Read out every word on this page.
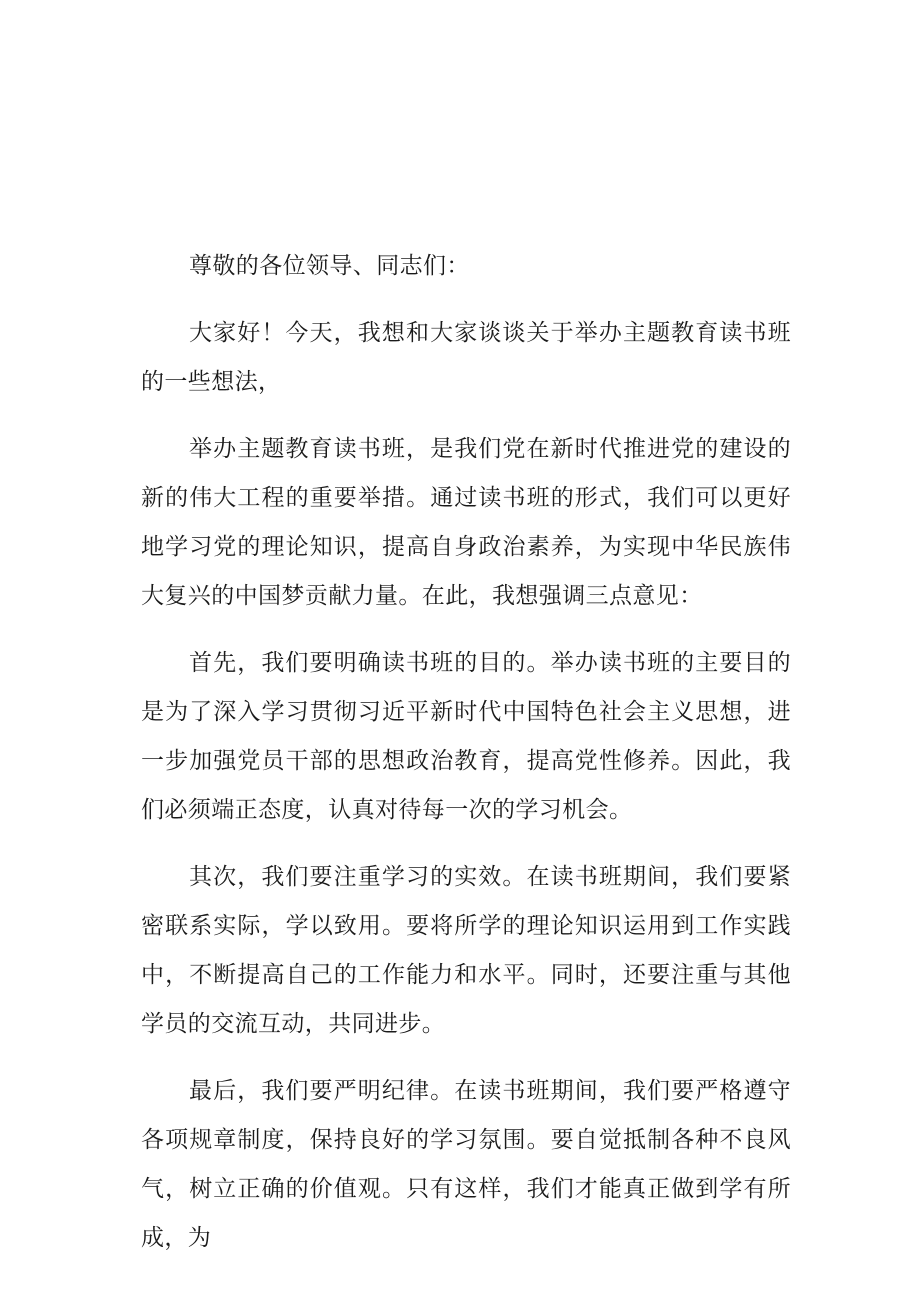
尊敬的各位领导、同志们：

大家好！今天，我想和大家谈谈关于举办主题教育读书班的一些想法，

举办主题教育读书班，是我们党在新时代推进党的建设的新的伟大工程的重要举措。通过读书班的形式，我们可以更好地学习党的理论知识，提高自身政治素养，为实现中华民族伟大复兴的中国梦贡献力量。在此，我想强调三点意见：

首先，我们要明确读书班的目的。举办读书班的主要目的是为了深入学习贯彻习近平新时代中国特色社会主义思想，进一步加强党员干部的思想政治教育，提高党性修养。因此，我们必须端正态度，认真对待每一次的学习机会。

其次，我们要注重学习的实效。在读书班期间，我们要紧密联系实际，学以致用。要将所学的理论知识运用到工作实践中，不断提高自己的工作能力和水平。同时，还要注重与其他学员的交流互动，共同进步。

最后，我们要严明纪律。在读书班期间，我们要严格遵守各项规章制度，保持良好的学习氛围。要自觉抵制各种不良风气，树立正确的价值观。只有这样，我们才能真正做到学有所成，为
